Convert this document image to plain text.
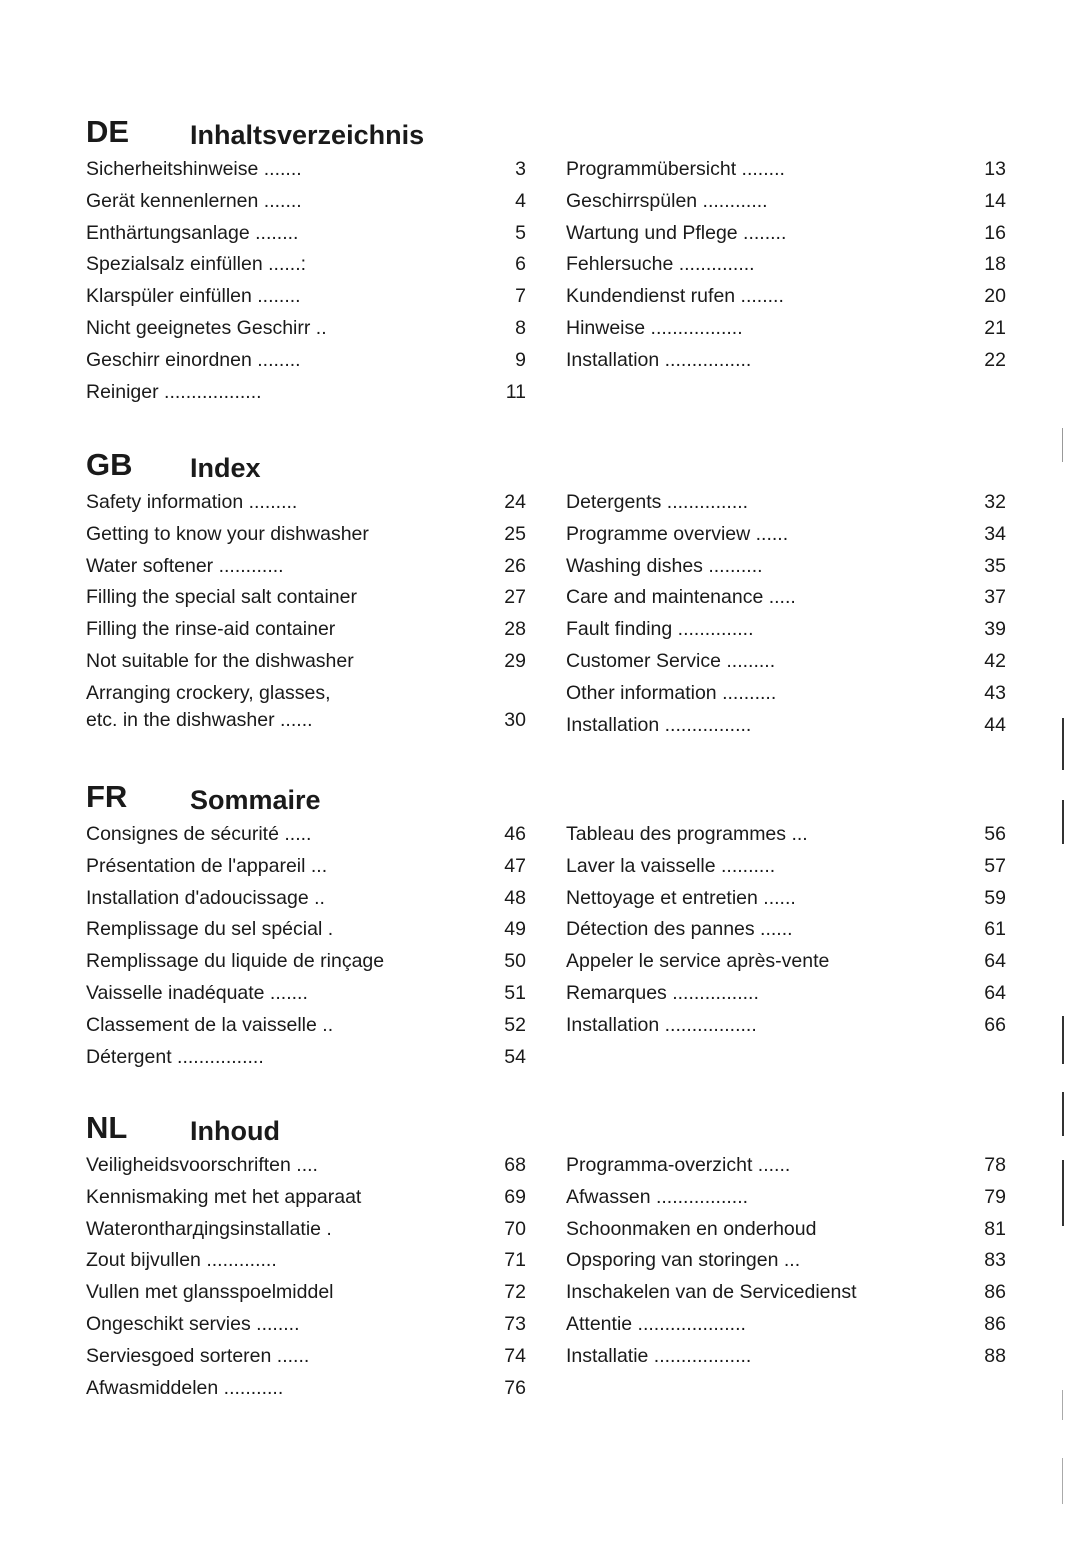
DE Inhaltsverzeichnis
Sicherheitshinweise .......	3
Gerät kennenlernen .......	4
Enthärtungsanlage ........	5
Spezialsalz einfüllen ......:	6
Klarspüler einfüllen ........	7
Nicht geeignetes Geschirr ..	8
Geschirr einordnen ........	9
Reiniger ..................	11
Programmübersicht ........	13
Geschirrspülen ............	14
Wartung und Pflege ........	16
Fehlersuche ..............	18
Kundendienst rufen ........	20
Hinweise .................	21
Installation ................	22
GB Index
Safety information .........	24
Getting to know your dishwasher	25
Water softener ............	26
Filling the special salt container	27
Filling the rinse-aid container	28
Not suitable for the dishwasher	29
Arranging crockery, glasses,
etc. in the dishwasher ......	30
Detergents ...............	32
Programme overview ......	34
Washing dishes ..........	35
Care and maintenance .....	37
Fault finding ..............	39
Customer Service .........	42
Other information ..........	43
Installation ................	44
FR Sommaire
Consignes de sécurité .....	46
Présentation de l'appareil ...	47
Installation d'adoucissage ..	48
Remplissage du sel spécial .	49
Remplissage du liquide de rinçage	50
Vaisselle inadéquate .......	51
Classement de la vaisselle ..	52
Détergent ................	54
Tableau des programmes ...	56
Laver la vaisselle ..........	57
Nettoyage et entretien ......	59
Détection des pannes ......	61
Appeler le service après-vente	64
Remarques ................	64
Installation .................	66
NL Inhoud
Veiligheidsvoorschriften ....	68
Kennismaking met het apparaat	69
Waterontharдingsinstallatie .	70
Zout bijvullen .............	71
Vullen met glansspoelmiddel	72
Ongeschikt servies ........	73
Serviesgoed sorteren ......	74
Afwasmiddelen ...........	76
Programma-overzicht ......	78
Afwassen .................	79
Schoonmaken en onderhoud	81
Opsporing van storingen ...	83
Inschakelen van de Servicedienst	86
Attentie ....................	86
Installatie ..................	88
